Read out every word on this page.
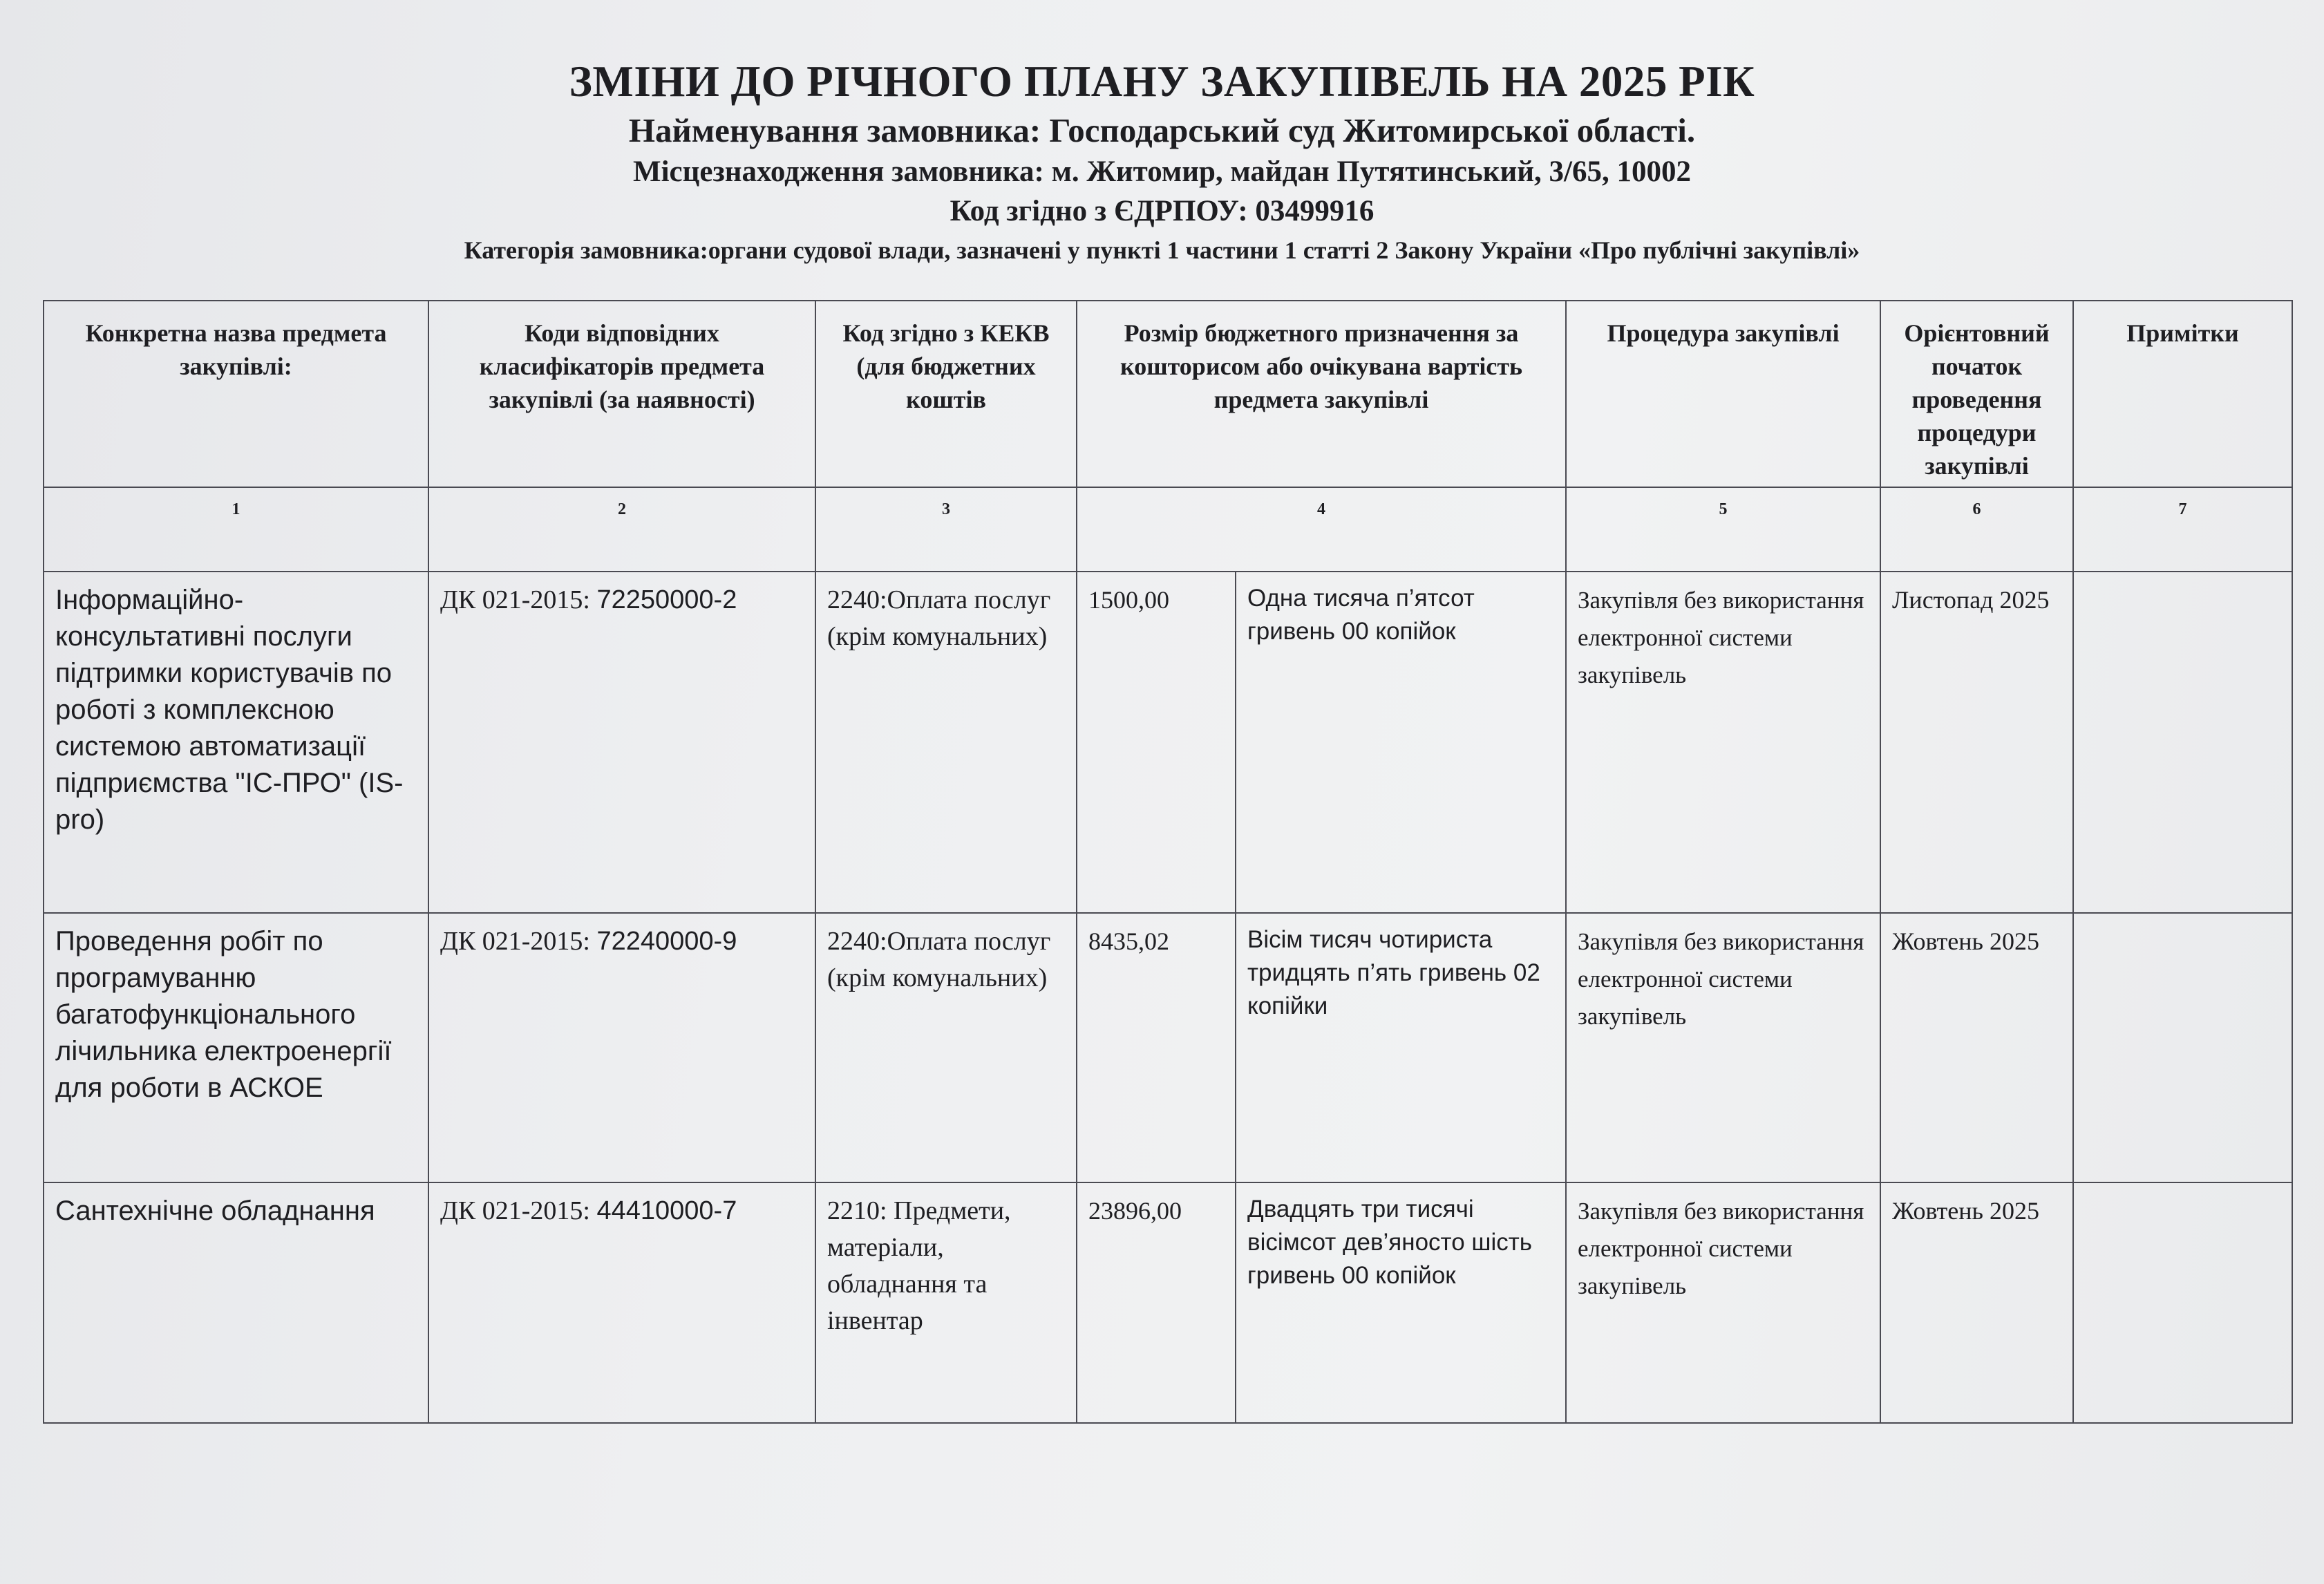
ЗМІНИ ДО РІЧНОГО ПЛАНУ ЗАКУПІВЕЛЬ НА 2025 РІК
Найменування замовника: Господарський суд Житомирської області.
Місцезнаходження замовника: м. Житомир, майдан Путятинський, 3/65, 10002
Код згідно з ЄДРПОУ: 03499916
Категорія замовника:органи судової влади, зазначені у пункті 1 частини 1 статті 2 Закону України «Про публічні закупівлі»
Конкретна назва предмета закупівлі:	Коди відповідних класифікаторів предмета закупівлі (за наявності)	Код згідно з КЕКВ (для бюджетних коштів	Розмір бюджетного призначення за кошторисом або очікувана вартість предмета закупівлі		Процедура закупівлі	Орієнтовний початок проведення процедури закупівлі	Примітки
1	2	3	4		5	6	7
Інформаційно-консультативні послуги підтримки користувачів по роботі з комплексною системою автоматизації підприємства "ІС-ПРО" (IS-pro)	ДК 021-2015: 72250000-2	2240:Оплата послуг (крім комунальних)	1500,00	Одна тисяча п’ятсот гривень 00 копійок	Закупівля без використання електронної системи закупівель	Листопад 2025	
Проведення робіт по програмуванню багатофункціонального лічильника електроенергії для роботи в АСКОЕ	ДК 021-2015: 72240000-9	2240:Оплата послуг (крім комунальних)	8435,02	Вісім тисяч чотириста тридцять п’ять гривень 02 копійки	Закупівля без використання електронної системи закупівель	Жовтень 2025	
Сантехнічне обладнання	ДК 021-2015: 44410000-7	2210: Предмети, матеріали, обладнання та інвентар	23896,00	Двадцять три тисячі вісімсот дев’яносто шість гривень 00 копійок	Закупівля без використання електронної системи закупівель	Жовтень 2025	
